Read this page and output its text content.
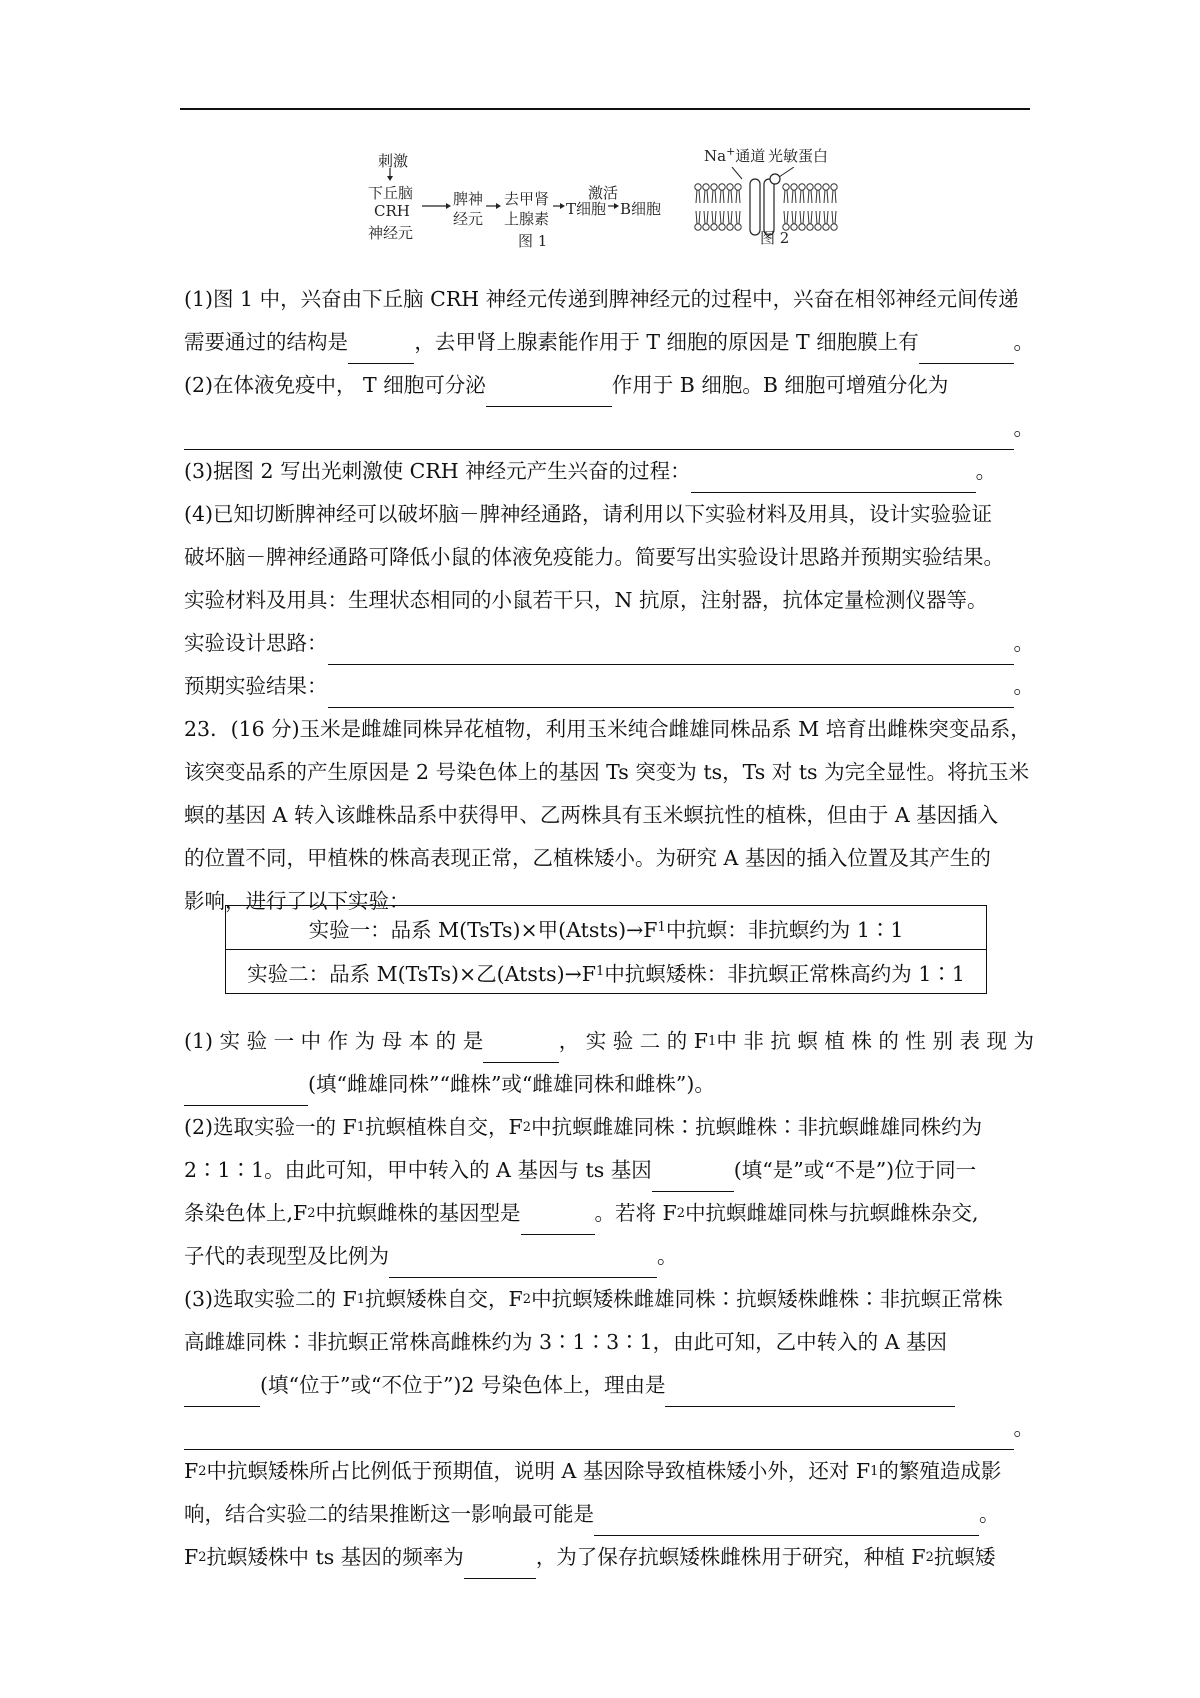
刺激
下丘脑
CRH
神经元
脾神
经元
去甲肾
上腺素
激活
T细胞 B细胞
图 1
Na+通道 光敏蛋白
图 2
(1)图 1 中，兴奋由下丘脑 CRH 神经元传递到脾神经元的过程中，兴奋在相邻神经元间传递
需要通过的结构是	，去甲肾上腺素能作用于 T 细胞的原因是 T 细胞膜上有	。
(2)在体液免疫中， T 细胞可分泌	作用于 B 细胞。B 细胞可增殖分化为
。
(3)据图 2 写出光刺激使 CRH 神经元产生兴奋的过程：	。
(4)已知切断脾神经可以破坏脑－脾神经通路，请利用以下实验材料及用具，设计实验验证
破坏脑－脾神经通路可降低小鼠的体液免疫能力。简要写出实验设计思路并预期实验结果。
实验材料及用具：生理状态相同的小鼠若干只，N 抗原，注射器，抗体定量检测仪器等。
实验设计思路：	。
预期实验结果：	。
23．(16 分)玉米是雌雄同株异花植物，利用玉米纯合雌雄同株品系 M 培育出雌株突变品系，
该突变品系的产生原因是 2 号染色体上的基因 Ts 突变为 ts，Ts 对 ts 为完全显性。将抗玉米
螟的基因 A 转入该雌株品系中获得甲、乙两株具有玉米螟抗性的植株，但由于 A 基因插入
的位置不同，甲植株的株高表现正常，乙植株矮小。为研究 A 基因的插入位置及其产生的
影响，进行了以下实验：
实验一：品系 M(TsTs)×甲(Atsts)→F 1 中抗螟：非抗螟约为 1∶1
实验二：品系 M(TsTs)×乙(Atsts)→F 1 中抗螟矮株：非抗螟正常株高约为 1∶1
(1) 实 验 一 中 作 为 母 本 的 是	， 实 验 二 的 F 1 中 非 抗 螟 植 株 的 性 别 表 现 为
(填“雌雄同株”“雌株”或“雌雄同株和雌株”)。
(2)选取实验一的 F 1 抗螟植株自交，F 2 中抗螟雌雄同株∶抗螟雌株∶非抗螟雌雄同株约为
2∶1∶1。由此可知，甲中转入的 A 基因与 ts 基因	(填“是”或“不是”)位于同一
条染色体上,F 2 中抗螟雌株的基因型是	。若将 F 2 中抗螟雌雄同株与抗螟雌株杂交,
子代的表现型及比例为	。
(3)选取实验二的 F 1 抗螟矮株自交，F 2 中抗螟矮株雌雄同株∶抗螟矮株雌株∶非抗螟正常株
高雌雄同株∶非抗螟正常株高雌株约为 3∶1∶3∶1，由此可知，乙中转入的 A 基因
(填“位于”或“不位于”)2 号染色体上，理由是
。
F 2 中抗螟矮株所占比例低于预期值，说明 A 基因除导致植株矮小外，还对 F 1 的繁殖造成影
响，结合实验二的结果推断这一影响最可能是	。
F 2 抗螟矮株中 ts 基因的频率为	，为了保存抗螟矮株雌株用于研究，种植 F 2 抗螟矮
